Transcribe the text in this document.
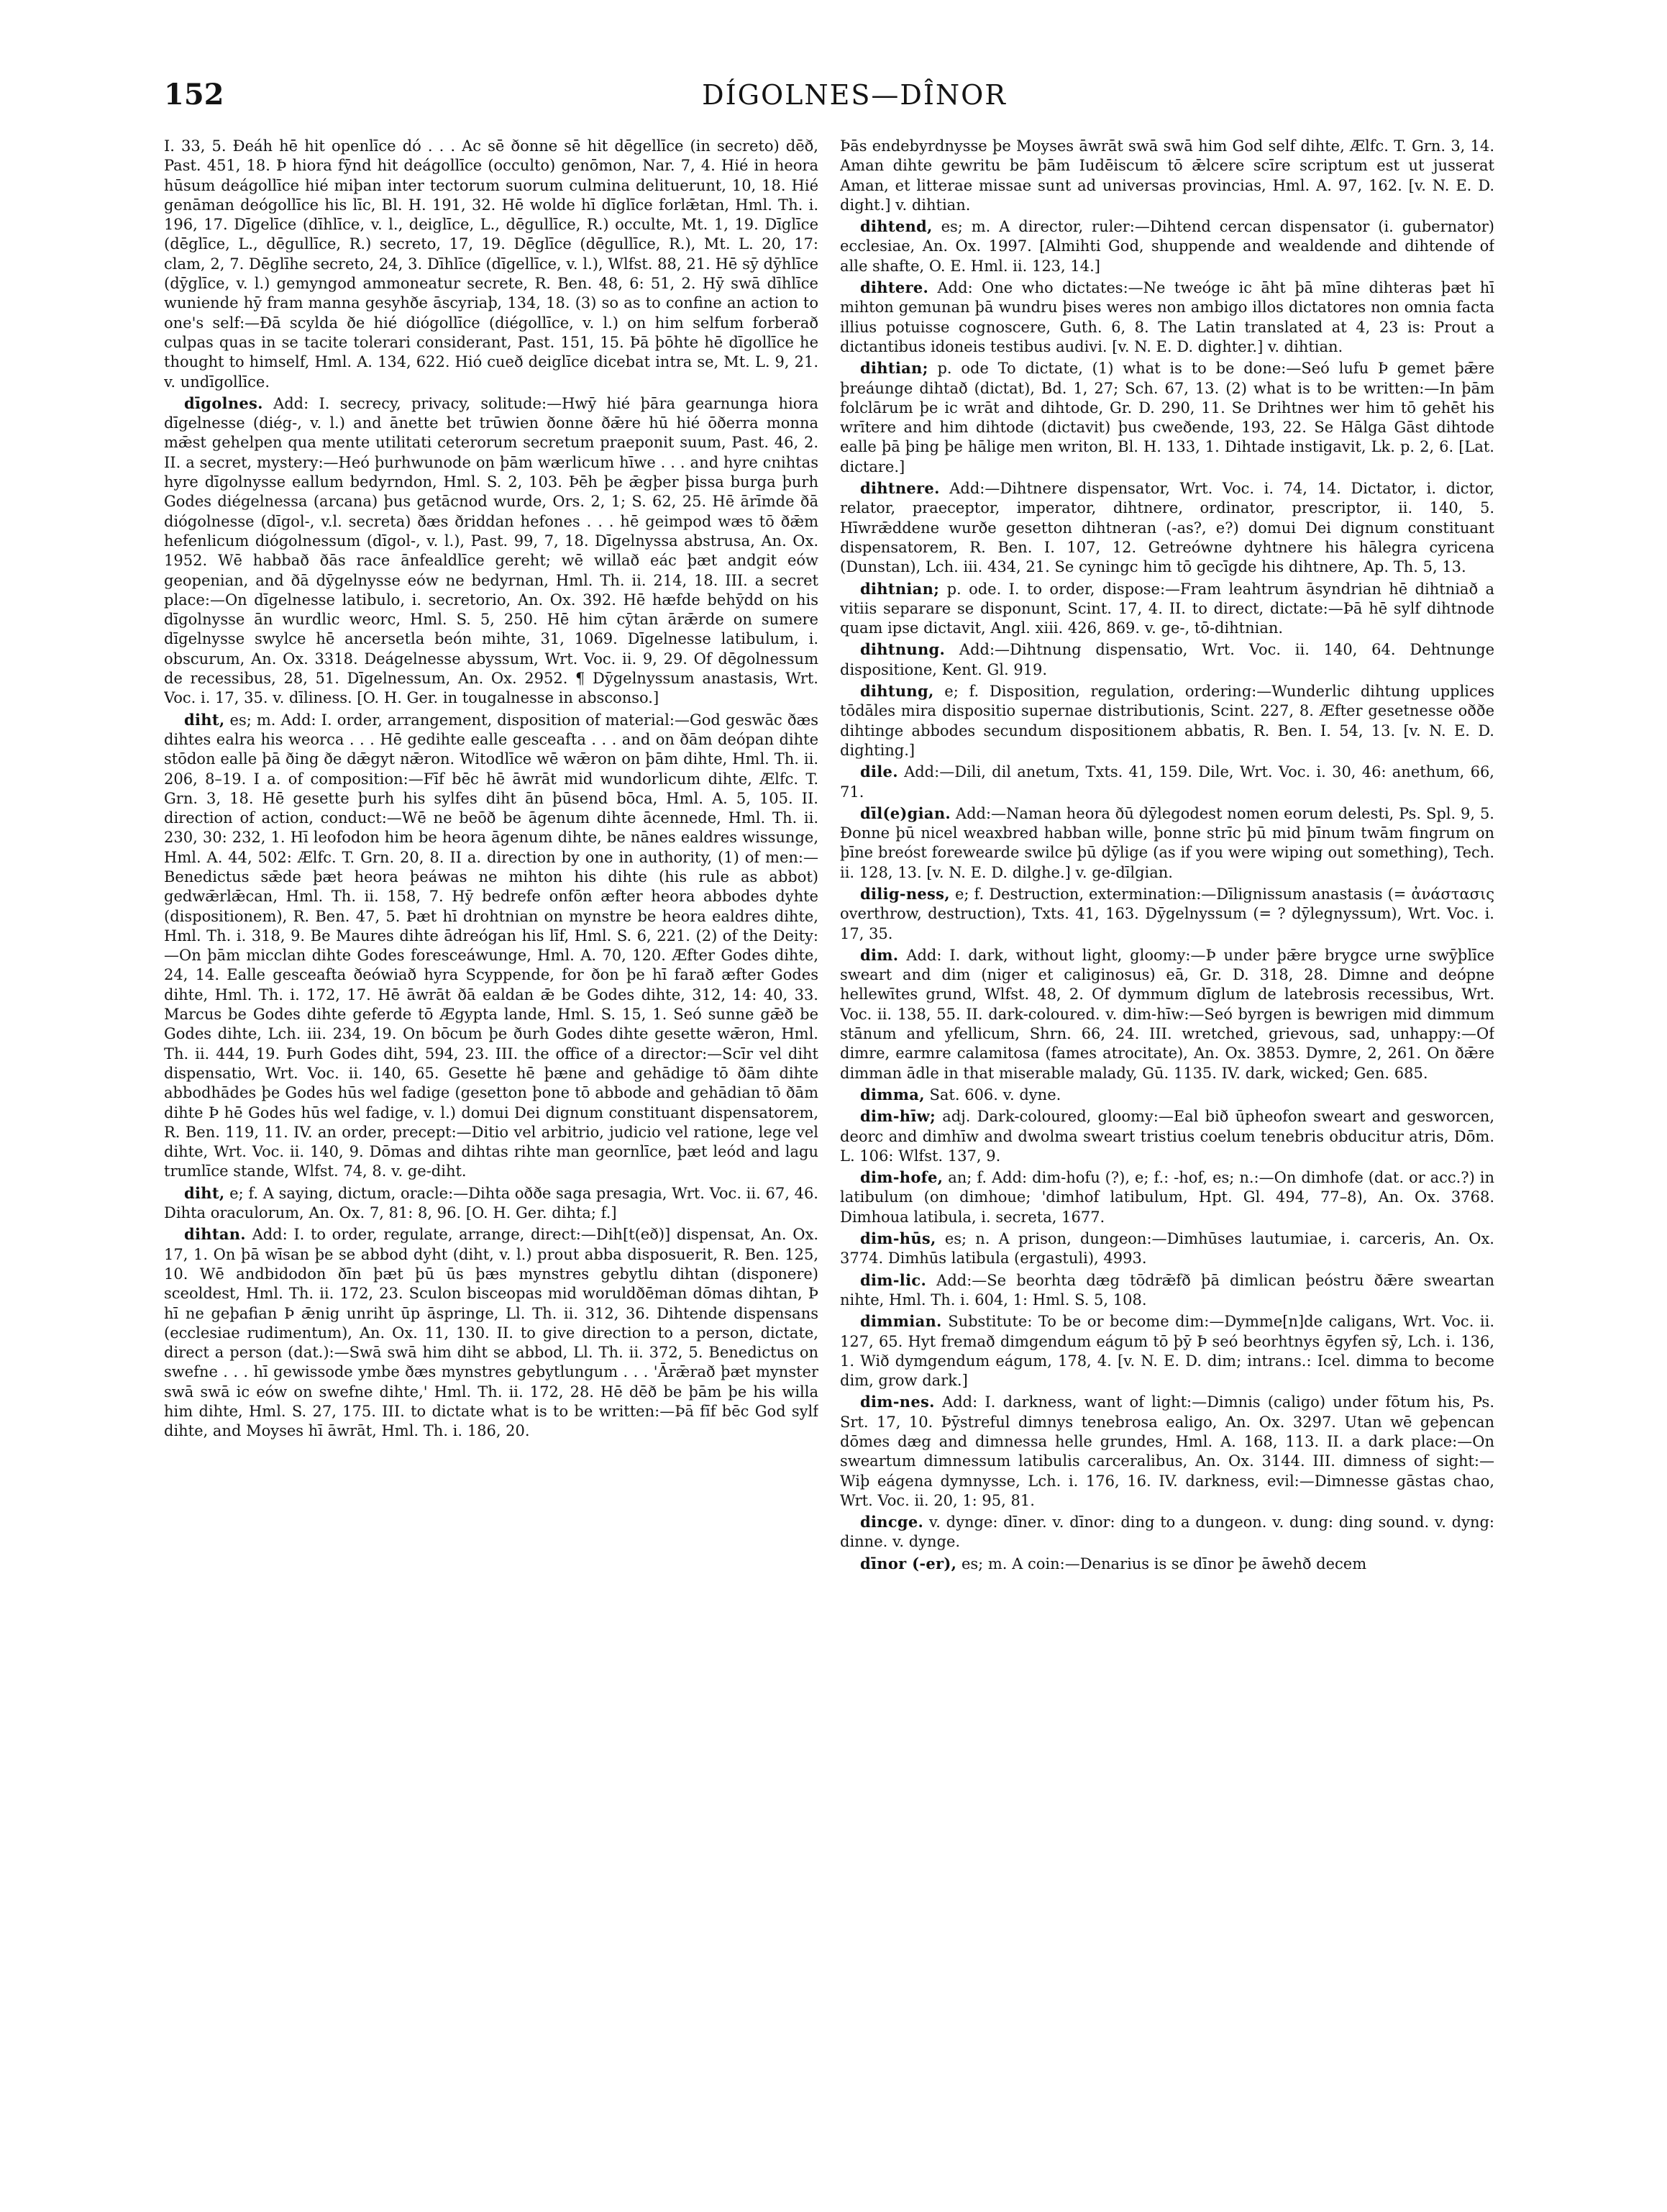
152	DÍGOLNES—DÎNOR

I. 33, 5. Ðeáh hē hit openlīce dó . . . Ac sē ðonne sē hit dēgellīce (in secreto) dēð, Past. 451, 18. Þ hiora fȳnd hit deágollīce (occulto) genōmon, Nar. 7, 4. Hié in heora hūsum deágollīce hié miþan inter tectorum suorum culmina delituerunt, 10, 18. Hié genāman deógollīce his līc, Bl. H. 191, 32. Hē wolde hī dīglīce forlǣtan, Hml. Th. i. 196, 17. Dīgelīce (dīhlīce, v. l., deiglīce, L., dēgullīce, R.) occulte, Mt. 1, 19. Dīglīce (dēglīce, L., dēgullīce, R.) secreto, 17, 19. Dēglīce (dēgullīce, R.), Mt. L. 20, 17: clam, 2, 7. Dēglīhe secreto, 24, 3. Dīhlīce (dīgellīce, v. l.), Wlfst. 88, 21. Hē sȳ dȳhlīce (dȳglīce, v. l.) gemyngod ammoneatur secrete, R. Ben. 48, 6: 51, 2. Hȳ swā dīhlīce wuniende hȳ fram manna gesyhðe āscyriaþ, 134, 18. (3) so as to confine an action to one's self:—Ðā scylda ðe hié diógollīce (diégollīce, v. l.) on him selfum forberað culpas quas in se tacite tolerari considerant, Past. 151, 15. Þā þōhte hē dīgollīce he thought to himself, Hml. A. 134, 622. Hió cueð deiglīce dicebat intra se, Mt. L. 9, 21. v. undīgollīce.

dīgolnes. Add: I. secrecy, privacy, solitude:—Hwȳ hié þāra gearnunga hiora dīgelnesse (diég-, v. l.) and ānette bet trūwien ðonne ðǣre hū hié ōðerra monna mǣst gehelpen qua mente utilitati ceterorum secretum praeponit suum, Past. 46, 2. II. a secret, mystery:—Heó þurhwunode on þām wærlicum hīwe . . . and hyre cnihtas hyre dīgolnysse eallum bedyrndon, Hml. S. 2, 103. Þēh þe ǣgþer þissa burga þurh Godes diégelnessa (arcana) þus getācnod wurde, Ors. 2, 1; S. 62, 25. Hē ārīmde ðā diógolnesse (dīgol-, v.l. secreta) ðæs ðriddan hefones . . . hē geimpod wæs tō ðǣm hefenlicum diógolnessum (dīgol-, v. l.), Past. 99, 7, 18. Dīgelnyssa abstrusa, An. Ox. 1952. Wē habbað ðās race ānfealdlīce gereht; wē willað eác þæt andgit eów geopenian, and ðā dȳgelnysse eów ne bedyrnan, Hml. Th. ii. 214, 18. III. a secret place:—On dīgelnesse latibulo, i. secretorio, An. Ox. 392. Hē hæfde behȳdd on his dīgolnysse ān wurdlic weorc, Hml. S. 5, 250. Hē him cȳtan ārǣrde on sumere dīgelnysse swylce hē ancersetla beón mihte, 31, 1069. Dīgelnesse latibulum, i. obscurum, An. Ox. 3318. Deágelnesse abyssum, Wrt. Voc. ii. 9, 29. Of dēgolnessum de recessibus, 28, 51. Dīgelnessum, An. Ox. 2952. ¶ Dȳgelnyssum anastasis, Wrt. Voc. i. 17, 35. v. dīliness. [O. H. Ger. in tougalnesse in absconso.]

diht, es; m. Add: I. order, arrangement, disposition of material:—God geswāc ðæs dihtes ealra his weorca . . . Hē gedihte ealle gesceafta . . . and on ðām deópan dihte stōdon ealle þā ðing ðe dǣgyt nǣron. Witodlīce wē wǣron on þām dihte, Hml. Th. ii. 206, 8–19. I a. of composition:—Fīf bēc hē āwrāt mid wundorlicum dihte, Ælfc. T. Grn. 3, 18. Hē gesette þurh his sylfes diht ān þūsend bōca, Hml. A. 5, 105. II. direction of action, conduct:—Wē ne beōð be āgenum dihte ācennede, Hml. Th. ii. 230, 30: 232, 1. Hī leofodon him be heora āgenum dihte, be nānes ealdres wissunge, Hml. A. 44, 502: Ælfc. T. Grn. 20, 8. II a. direction by one in authority, (1) of men:—Benedictus sǣde þæt heora þeáwas ne mihton his dihte (his rule as abbot) gedwǣrlǣcan, Hml. Th. ii. 158, 7. Hȳ bedrefe onfōn æfter heora abbodes dyhte (dispositionem), R. Ben. 47, 5. Þæt hī drohtnian on mynstre be heora ealdres dihte, Hml. Th. i. 318, 9. Be Maures dihte ādreógan his līf, Hml. S. 6, 221. (2) of the Deity:—On þām micclan dihte Godes foresceáwunge, Hml. A. 70, 120. Æfter Godes dihte, 24, 14. Ealle gesceafta ðeówiað hyra Scyppende, for ðon þe hī farað æfter Godes dihte, Hml. Th. i. 172, 17. Hē āwrāt ðā ealdan ǣ be Godes dihte, 312, 14: 40, 33. Marcus be Godes dihte geferde tō Ægypta lande, Hml. S. 15, 1. Seó sunne gǣð be Godes dihte, Lch. iii. 234, 19. On bōcum þe ðurh Godes dihte gesette wǣron, Hml. Th. ii. 444, 19. Þurh Godes diht, 594, 23. III. the office of a director:—Scīr vel diht dispensatio, Wrt. Voc. ii. 140, 65. Gesette hē þæne and gehādige tō ðām dihte abbodhādes þe Godes hūs wel fadige (gesetton þone tō abbode and gehādian tō ðām dihte Þ hē Godes hūs wel fadige, v. l.) domui Dei dignum constituant dispensatorem, R. Ben. 119, 11. IV. an order, precept:—Ditio vel arbitrio, judicio vel ratione, lege vel dihte, Wrt. Voc. ii. 140, 9. Dōmas and dihtas rihte man geornlīce, þæt leód and lagu trumlīce stande, Wlfst. 74, 8. v. ge-diht.

diht, e; f. A saying, dictum, oracle:—Dihta oððe saga presagia, Wrt. Voc. ii. 67, 46. Dihta oraculorum, An. Ox. 7, 81: 8, 96. [O. H. Ger. dihta; f.]

dihtan. Add: I. to order, regulate, arrange, direct:—Dih[t(eð)] dispensat, An. Ox. 17, 1. On þā wīsan þe se abbod dyht (diht, v. l.) prout abba disposuerit, R. Ben. 125, 10. Wē andbidodon ðīn þæt þū ūs þæs mynstres gebytlu dihtan (disponere) sceoldest, Hml. Th. ii. 172, 23. Sculon bisceopas mid woruldðēman dōmas dihtan, Þ hī ne geþafian Þ ǣnig unriht ūp āspringe, Ll. Th. ii. 312, 36. Dihtende dispensans (ecclesiae rudimentum), An. Ox. 11, 130. II. to give direction to a person, dictate, direct a person (dat.):—Swā swā him diht se abbod, Ll. Th. ii. 372, 5. Benedictus on swefne . . . hī gewissode ymbe ðæs mynstres gebytlungum . . . 'Ārǣrað þæt mynster swā swā ic eów on swefne dihte,' Hml. Th. ii. 172, 28. Hē dēð be þām þe his willa him dihte, Hml. S. 27, 175. III. to dictate what is to be written:—Þā fīf bēc God sylf dihte, and Moyses hī āwrāt, Hml. Th. i. 186, 20.

Þās endebyrdnysse þe Moyses āwrāt swā swā him God self dihte, Ælfc. T. Grn. 3, 14. Aman dihte gewritu be þām Iudēiscum tō ǣlcere scīre scriptum est ut jusserat Aman, et litterae missae sunt ad universas provincias, Hml. A. 97, 162. [v. N. E. D. dight.] v. dihtian.

dihtend, es; m. A director, ruler:—Dihtend cercan dispensator (i. gubernator) ecclesiae, An. Ox. 1997. [Almihti God, shuppende and wealdende and dihtende of alle shafte, O. E. Hml. ii. 123, 14.]

dihtere. Add: One who dictates:—Ne tweóge ic āht þā mīne dihteras þæt hī mihton gemunan þā wundru þises weres non ambigo illos dictatores non omnia facta illius potuisse cognoscere, Guth. 6, 8. The Latin translated at 4, 23 is: Prout a dictantibus idoneis testibus audivi. [v. N. E. D. dighter.] v. dihtian.

dihtian; p. ode To dictate, (1) what is to be done:—Seó lufu Þ gemet þǣre þreáunge dihtað (dictat), Bd. 1, 27; Sch. 67, 13. (2) what is to be written:—In þām folclārum þe ic wrāt and dihtode, Gr. D. 290, 11. Se Drihtnes wer him tō gehēt his wrītere and him dihtode (dictavit) þus cweðende, 193, 22. Se Hālga Gāst dihtode ealle þā þing þe hālige men writon, Bl. H. 133, 1. Dihtade instigavit, Lk. p. 2, 6. [Lat. dictare.]

dihtnere. Add:—Dihtnere dispensator, Wrt. Voc. i. 74, 14. Dictator, i. dictor, relator, praeceptor, imperator, dihtnere, ordinator, prescriptor, ii. 140, 5. Hīwrǣddene wurðe gesetton dihtneran (-as?, e?) domui Dei dignum constituant dispensatorem, R. Ben. I. 107, 12. Getreówne dyhtnere his hālegra cyricena (Dunstan), Lch. iii. 434, 21. Se cyningc him tō gecīgde his dihtnere, Ap. Th. 5, 13.

dihtnian; p. ode. I. to order, dispose:—Fram leahtrum āsyndrian hē dihtniað a vitiis separare se disponunt, Scint. 17, 4. II. to direct, dictate:—Þā hē sylf dihtnode quam ipse dictavit, Angl. xiii. 426, 869. v. ge-, tō-dihtnian.

dihtnung. Add:—Dihtnung dispensatio, Wrt. Voc. ii. 140, 64. Dehtnunge dispositione, Kent. Gl. 919.

dihtung, e; f. Disposition, regulation, ordering:—Wunderlic dihtung upplices tōdāles mira dispositio supernae distributionis, Scint. 227, 8. Æfter gesetnesse oððe dihtinge abbodes secundum dispositionem abbatis, R. Ben. I. 54, 13. [v. N. E. D. dighting.]

dile. Add:—Dili, dil anetum, Txts. 41, 159. Dile, Wrt. Voc. i. 30, 46: anethum, 66, 71.

dīl(e)gian. Add:—Naman heora ðū dȳlegodest nomen eorum delesti, Ps. Spl. 9, 5. Ðonne þū nicel weaxbred habban wille, þonne strīc þū mid þīnum twām fingrum on þīne breóst forewearde swilce þū dȳlige (as if you were wiping out something), Tech. ii. 128, 13. [v. N. E. D. dilghe.] v. ge-dīlgian.

dilig-ness, e; f. Destruction, extermination:—Dīlignissum anastasis (= ἀνάστασις overthrow, destruction), Txts. 41, 163. Dȳgelnyssum (= ? dȳlegnyssum), Wrt. Voc. i. 17, 35.

dim. Add: I. dark, without light, gloomy:—Þ under þǣre brygce urne swȳþlīce sweart and dim (niger et caliginosus) eā, Gr. D. 318, 28. Dimne and deópne hellewītes grund, Wlfst. 48, 2. Of dymmum dīglum de latebrosis recessibus, Wrt. Voc. ii. 138, 55. II. dark-coloured. v. dim-hīw:—Seó byrgen is bewrigen mid dimmum stānum and yfellicum, Shrn. 66, 24. III. wretched, grievous, sad, unhappy:—Of dimre, earmre calamitosa (fames atrocitate), An. Ox. 3853. Dymre, 2, 261. On ðǣre dimman ādle in that miserable malady, Gū. 1135. IV. dark, wicked; Gen. 685.

dimma, Sat. 606. v. dyne.

dim-hīw; adj. Dark-coloured, gloomy:—Eal bið ūpheofon sweart and gesworcen, deorc and dimhīw and dwolma sweart tristius coelum tenebris obducitur atris, Dōm. L. 106: Wlfst. 137, 9.

dim-hofe, an; f. Add: dim-hofu (?), e; f.: -hof, es; n.:—On dimhofe (dat. or acc.?) in latibulum (on dimhoue; 'dimhof latibulum, Hpt. Gl. 494, 77–8), An. Ox. 3768. Dimhoua latibula, i. secreta, 1677.

dim-hūs, es; n. A prison, dungeon:—Dimhūses lautumiae, i. carceris, An. Ox. 3774. Dimhūs latibula (ergastuli), 4993.

dim-lic. Add:—Se beorhta dæg tōdrǣfð þā dimlican þeóstru ðǣre sweartan nihte, Hml. Th. i. 604, 1: Hml. S. 5, 108.

dimmian. Substitute: To be or become dim:—Dymme[n]de caligans, Wrt. Voc. ii. 127, 65. Hyt fremað dimgendum eágum tō þȳ Þ seó beorhtnys ēgyfen sȳ, Lch. i. 136, 1. Wið dymgendum eágum, 178, 4. [v. N. E. D. dim; intrans.: Icel. dimma to become dim, grow dark.]

dim-nes. Add: I. darkness, want of light:—Dimnis (caligo) under fōtum his, Ps. Srt. 17, 10. Þȳstreful dimnys tenebrosa ealigo, An. Ox. 3297. Utan wē geþencan dōmes dæg and dimnessa helle grundes, Hml. A. 168, 113. II. a dark place:—On sweartum dimnessum latibulis carceralibus, An. Ox. 3144. III. dimness of sight:—Wiþ eágena dymnysse, Lch. i. 176, 16. IV. darkness, evil:—Dimnesse gāstas chao, Wrt. Voc. ii. 20, 1: 95, 81.

dincge. v. dynge: dīner. v. dīnor: ding to a dungeon. v. dung: ding sound. v. dyng: dinne. v. dynge.

dīnor (-er), es; m. A coin:—Denarius is se dīnor þe āwehð decem
